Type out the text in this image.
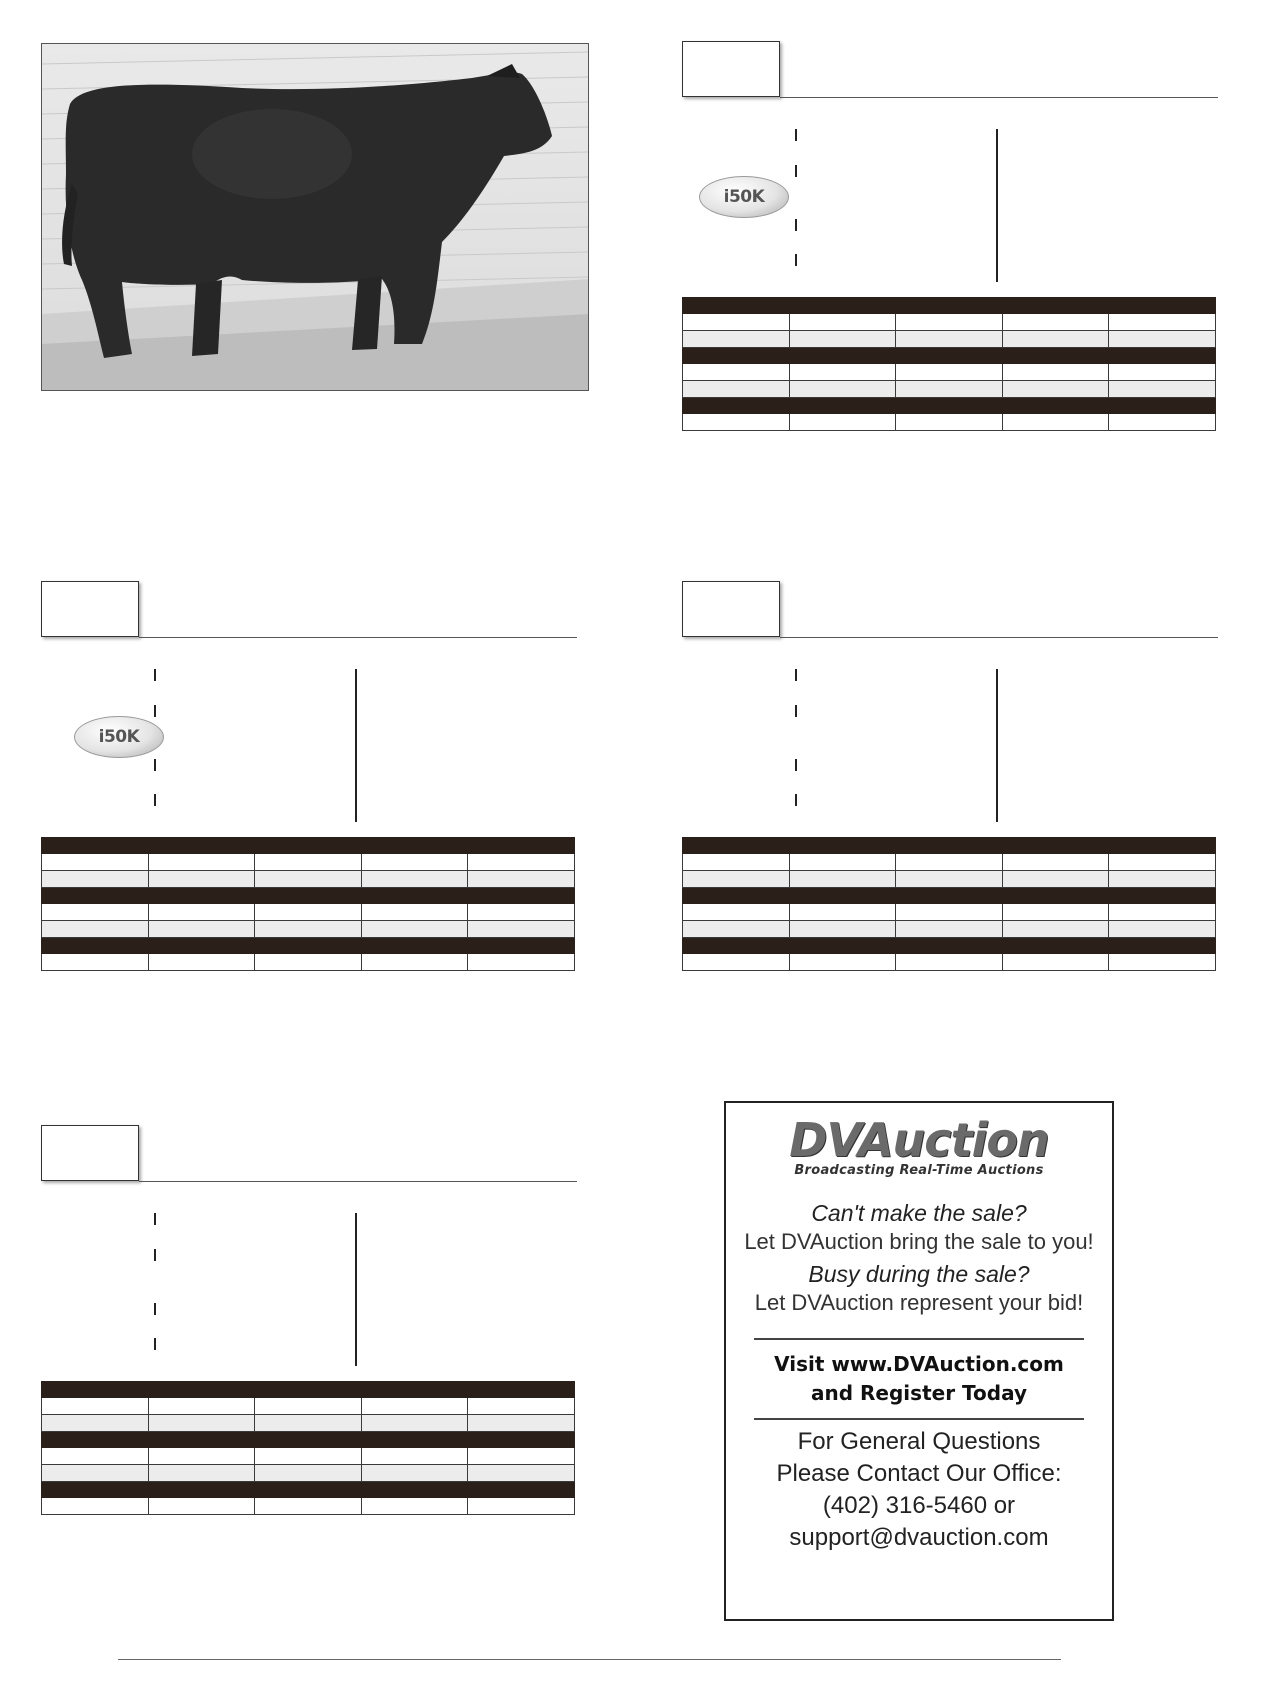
i50K

i50K

DVAuction
Broadcasting Real-Time Auctions
Can't make the sale?
Let DVAuction bring the sale to you!
Busy during the sale?
Let DVAuction represent your bid!
Visit www.DVAuction.com
and Register Today
For General Questions
Please Contact Our Office:
(402) 316-5460 or
support@dvauction.com
